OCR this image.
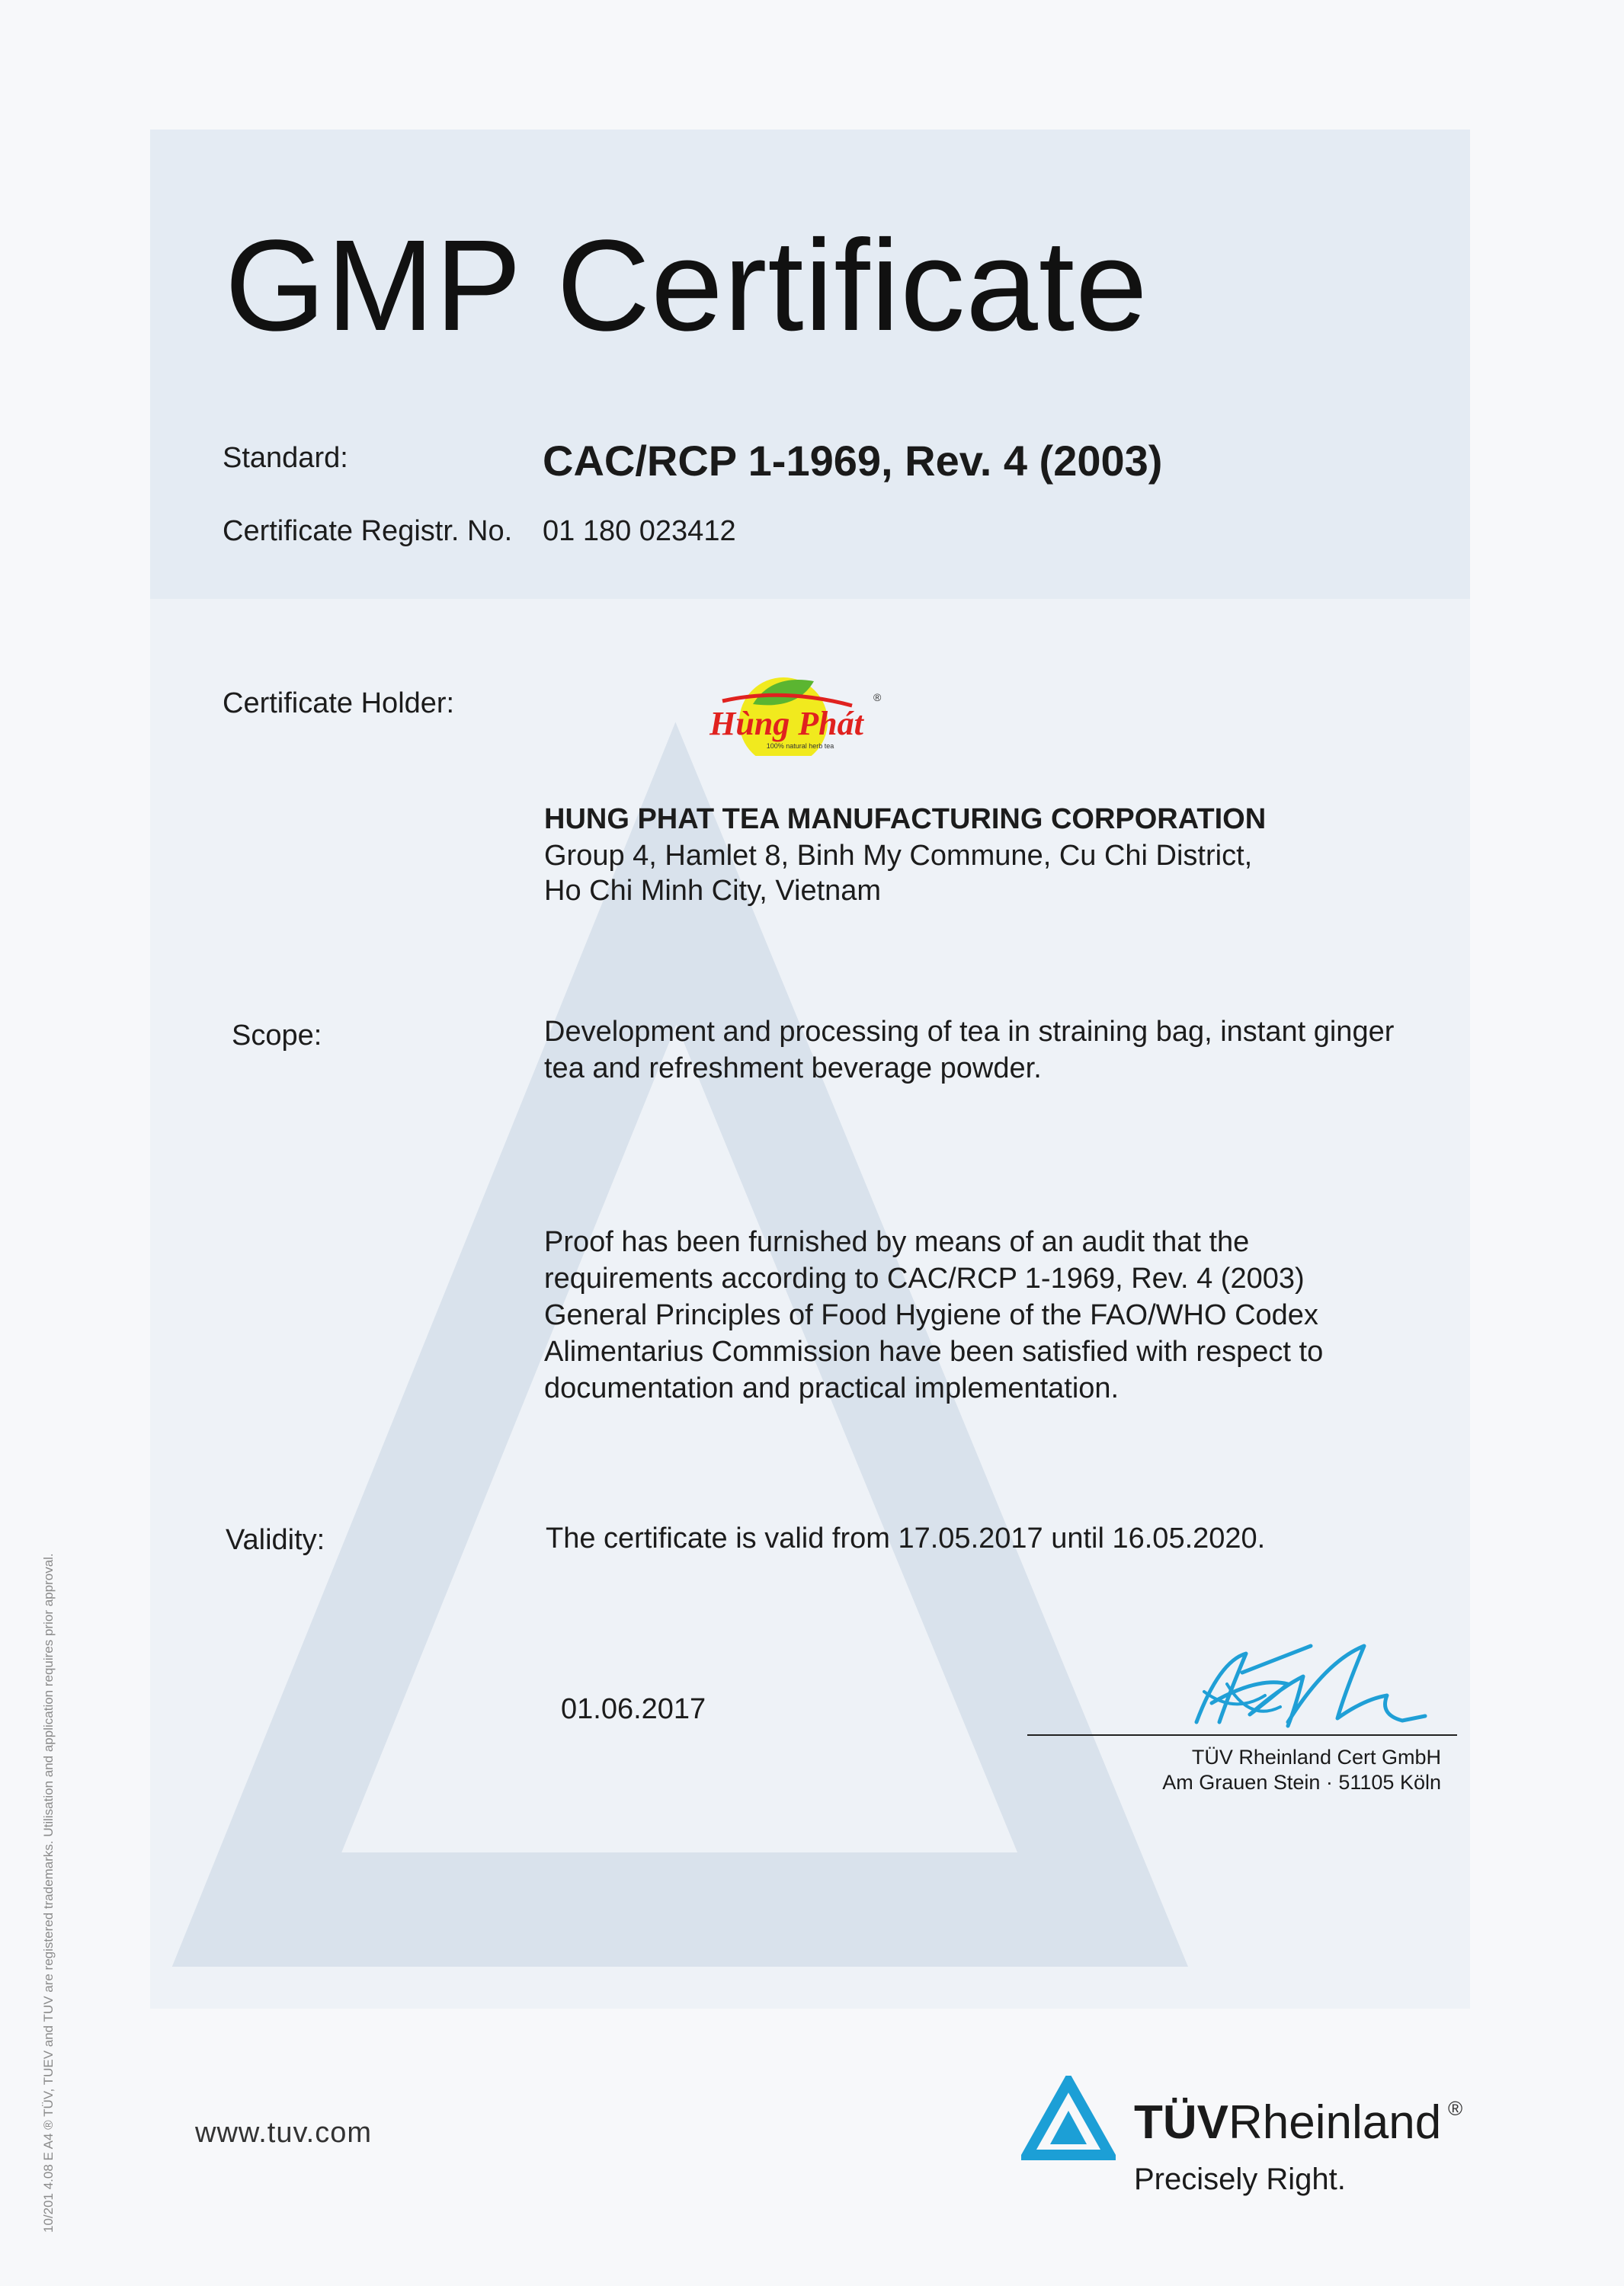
GMP Certificate
Standard:	CAC/RCP 1-1969, Rev. 4 (2003)
Certificate Registr. No. 01 180 023412
Certificate Holder:
Hùng Phát
100% natural herb tea
®
HUNG PHAT TEA MANUFACTURING CORPORATION
Group 4, Hamlet 8, Binh My Commune, Cu Chi District,
Ho Chi Minh City, Vietnam
Scope:	Development and processing of tea in straining bag, instant ginger
tea and refreshment beverage powder.
Proof has been furnished by means of an audit that the
requirements according to CAC/RCP 1-1969, Rev. 4 (2003)
General Principles of Food Hygiene of the FAO/WHO Codex
Alimentarius Commission have been satisfied with respect to
documentation and practical implementation.
Validity:	The certificate is valid from 17.05.2017 until 16.05.2020.
01.06.2017
TÜV Rheinland Cert GmbH
Am Grauen Stein · 51105 Köln
10/201 4.08 E A4 ® TÜV, TUEV and TUV are registered trademarks. Utilisation and application requires prior approval.	www.tuv.com	TÜVRheinland ®
Precisely Right.
